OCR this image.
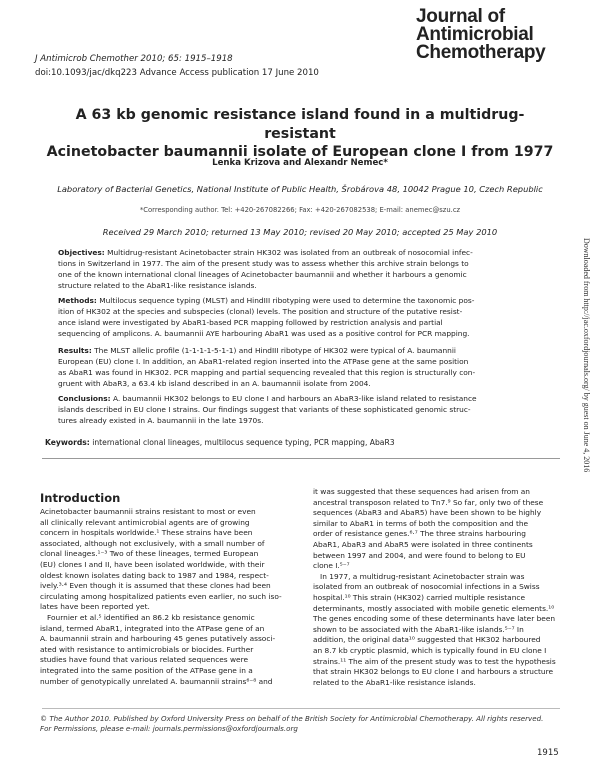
J Antimicrob Chemother 2010; 65: 1915–1918
doi:10.1093/jac/dkq223 Advance Access publication 17 June 2010
Journal of
Antimicrobial
Chemotherapy
A 63 kb genomic resistance island found in a multidrug-resistant
Acinetobacter baumannii isolate of European clone I from 1977
Lenka Krizova and Alexandr Nemec*
Laboratory of Bacterial Genetics, National Institute of Public Health, Šrobárova 48, 10042 Prague 10, Czech Republic
*Corresponding author. Tel: +420-267082266; Fax: +420-267082538; E-mail: anemec@szu.cz
Received 29 March 2010; returned 13 May 2010; revised 20 May 2010; accepted 25 May 2010
Objectives: Multidrug-resistant Acinetobacter strain HK302 was isolated from an outbreak of nosocomial infec-
tions in Switzerland in 1977. The aim of the present study was to assess whether this archive strain belongs to
one of the known international clonal lineages of Acinetobacter baumannii and whether it harbours a genomic
structure related to the AbaR1-like resistance islands.
Methods: Multilocus sequence typing (MLST) and HindIII ribotyping were used to determine the taxonomic pos-
ition of HK302 at the species and subspecies (clonal) levels. The position and structure of the putative resist-
ance island were investigated by AbaR1-based PCR mapping followed by restriction analysis and partial
sequencing of amplicons. A. baumannii AYE harbouring AbaR1 was used as a positive control for PCR mapping.
Results: The MLST allelic profile (1-1-1-1-5-1-1) and HindIII ribotype of HK302 were typical of A. baumannii
European (EU) clone I. In addition, an AbaR1-related region inserted into the ATPase gene at the same position
as AbaR1 was found in HK302. PCR mapping and partial sequencing revealed that this region is structurally con-
gruent with AbaR3, a 63.4 kb island described in an A. baumannii isolate from 2004.
Conclusions: A. baumannii HK302 belongs to EU clone I and harbours an AbaR3-like island related to resistance
islands described in EU clone I strains. Our findings suggest that variants of these sophisticated genomic struc-
tures already existed in A. baumannii in the late 1970s.
Keywords: international clonal lineages, multilocus sequence typing, PCR mapping, AbaR3
Introduction
Acinetobacter baumannii strains resistant to most or even
all clinically relevant antimicrobial agents are of growing
concern in hospitals worldwide.¹ These strains have been
associated, although not exclusively, with a small number of
clonal lineages.¹⁻³ Two of these lineages, termed European
(EU) clones I and II, have been isolated worldwide, with their
oldest known isolates dating back to 1987 and 1984, respect-
ively.³·⁴ Even though it is assumed that these clones had been
circulating among hospitalized patients even earlier, no such iso-
lates have been reported yet.
Fournier et al.⁵ identified an 86.2 kb resistance genomic
island, termed AbaR1, integrated into the ATPase gene of an
A. baumannii strain and harbouring 45 genes putatively associ-
ated with resistance to antimicrobials or biocides. Further
studies have found that various related sequences were
integrated into the same position of the ATPase gene in a
number of genotypically unrelated A. baumannii strains⁶⁻⁸ and
it was suggested that these sequences had arisen from an
ancestral transposon related to Tn7.⁹ So far, only two of these
sequences (AbaR3 and AbaR5) have been shown to be highly
similar to AbaR1 in terms of both the composition and the
order of resistance genes.⁶·⁷ The three strains harbouring
AbaR1, AbaR3 and AbaR5 were isolated in three continents
between 1997 and 2004, and were found to belong to EU
clone I.⁵⁻⁷
In 1977, a multidrug-resistant Acinetobacter strain was
isolated from an outbreak of nosocomial infections in a Swiss
hospital.¹⁰ This strain (HK302) carried multiple resistance
determinants, mostly associated with mobile genetic elements.¹⁰
The genes encoding some of these determinants have later been
shown to be associated with the AbaR1-like islands.⁵⁻⁷ In
addition, the original data¹⁰ suggested that HK302 harboured
an 8.7 kb cryptic plasmid, which is typically found in EU clone I
strains.¹¹ The aim of the present study was to test the hypothesis
that strain HK302 belongs to EU clone I and harbours a structure
related to the AbaR1-like resistance islands.
Downloaded from http://jac.oxfordjournals.org/ by guest on June 4, 2016
© The Author 2010. Published by Oxford University Press on behalf of the British Society for Antimicrobial Chemotherapy. All rights reserved.
For Permissions, please e-mail: journals.permissions@oxfordjournals.org
1915
